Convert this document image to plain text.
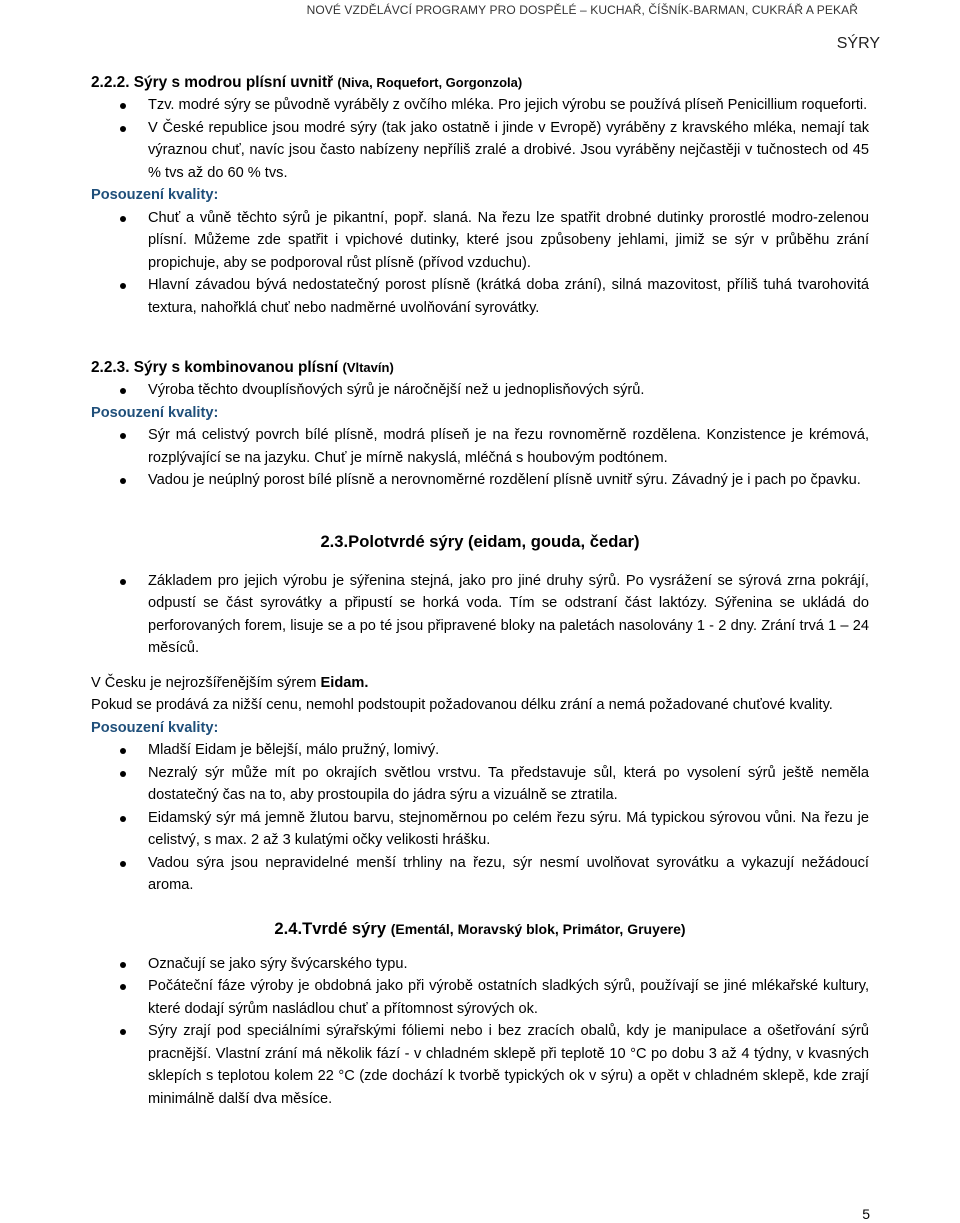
NOVÉ VZDĚLÁVCÍ PROGRAMY PRO DOSPĚLÉ – KUCHAŘ, ČÍŠNÍK-BARMAN, CUKRÁŘ A PEKAŘ
SÝRY
2.2.2. Sýry s modrou plísní uvnitř (Niva, Roquefort, Gorgonzola)
Tzv. modré sýry se původně vyráběly z ovčího mléka. Pro jejich výrobu se používá plíseň Penicillium roqueforti.
V České republice jsou modré sýry (tak jako ostatně i jinde v Evropě) vyráběny z kravského mléka, nemají tak výraznou chuť, navíc jsou často nabízeny nepříliš zralé a drobivé. Jsou vyráběny nejčastěji v tučnostech od 45 % tvs až do 60 % tvs.

Posouzení kvality:

Chuť a vůně těchto sýrů je pikantní, popř. slaná. Na řezu lze spatřit drobné dutinky prorostlé modro-zelenou plísní. Můžeme zde spatřit i vpichové dutinky, které jsou způsobeny jehlami, jimiž se sýr v průběhu zrání propichuje, aby se podporoval růst plísně (přívod vzduchu).
Hlavní závadou bývá nedostatečný porost plísně (krátká doba zrání), silná mazovitost, příliš tuhá tvarohovitá textura, nahořklá chuť nebo nadměrné uvolňování syrovátky.
2.2.3. Sýry s kombinovanou plísní (Vltavín)
Výroba těchto dvouplísňových sýrů je náročnější než u jednoplisňových sýrů.

Posouzení kvality:

Sýr má celistvý povrch bílé plísně, modrá plíseň je na řezu rovnoměrně rozdělena. Konzistence je krémová, rozplývající se na jazyku. Chuť je mírně nakyslá, mléčná s houbovým podtónem.
Vadou je neúplný porost bílé plísně a nerovnoměrné rozdělení plísně uvnitř sýru. Závadný je i pach po čpavku.
2.3.Polotvrdé sýry (eidam, gouda, čedar)
Základem pro jejich výrobu je sýřenina stejná, jako pro jiné druhy sýrů. Po vysrážení se sýrová zrna pokrájí, odpustí se část syrovátky a připustí se horká voda. Tím se odstraní část laktózy. Sýřenina se ukládá do perforovaných forem, lisuje se a po té jsou připravené bloky na paletách nasolovány 1 - 2 dny. Zrání trvá 1 – 24 měsíců.

V Česku je nejrozšířenějším sýrem Eidam.

Pokud se prodává za nižší cenu, nemohl podstoupit požadovanou délku zrání a nemá požadované chuťové kvality.

Posouzení kvality:

Mladší Eidam je bělejší, málo pružný, lomivý.
Nezralý sýr může mít po okrajích světlou vrstvu. Ta představuje sůl, která po vysolení sýrů ještě neměla dostatečný čas na to, aby prostoupila do jádra sýru a vizuálně se ztratila.
Eidamský sýr má jemně žlutou barvu, stejnoměrnou po celém řezu sýru. Má typickou sýrovou vůni. Na řezu je celistvý, s max. 2 až 3 kulatými očky velikosti hrášku.
Vadou sýra jsou nepravidelné menší trhliny na řezu, sýr nesmí uvolňovat syrovátku a vykazují nežádoucí aroma.
2.4.Tvrdé sýry (Ementál, Moravský blok, Primátor, Gruyere)
Označují se jako sýry švýcarského typu.
Počáteční fáze výroby je obdobná jako při výrobě ostatních sladkých sýrů, používají se jiné mlékařské kultury, které dodají sýrům nasládlou chuť a přítomnost sýrových ok.
Sýry zrají pod speciálními sýrařskými fóliemi nebo i bez zracích obalů, kdy je manipulace a ošetřování sýrů pracnější. Vlastní zrání má několik fází - v chladném sklepě při teplotě 10 °C po dobu 3 až 4 týdny, v kvasných sklepích s teplotou kolem 22 °C (zde dochází k tvorbě typických ok v sýru) a opět v chladném sklepě, kde zrají minimálně další dva měsíce.
5
